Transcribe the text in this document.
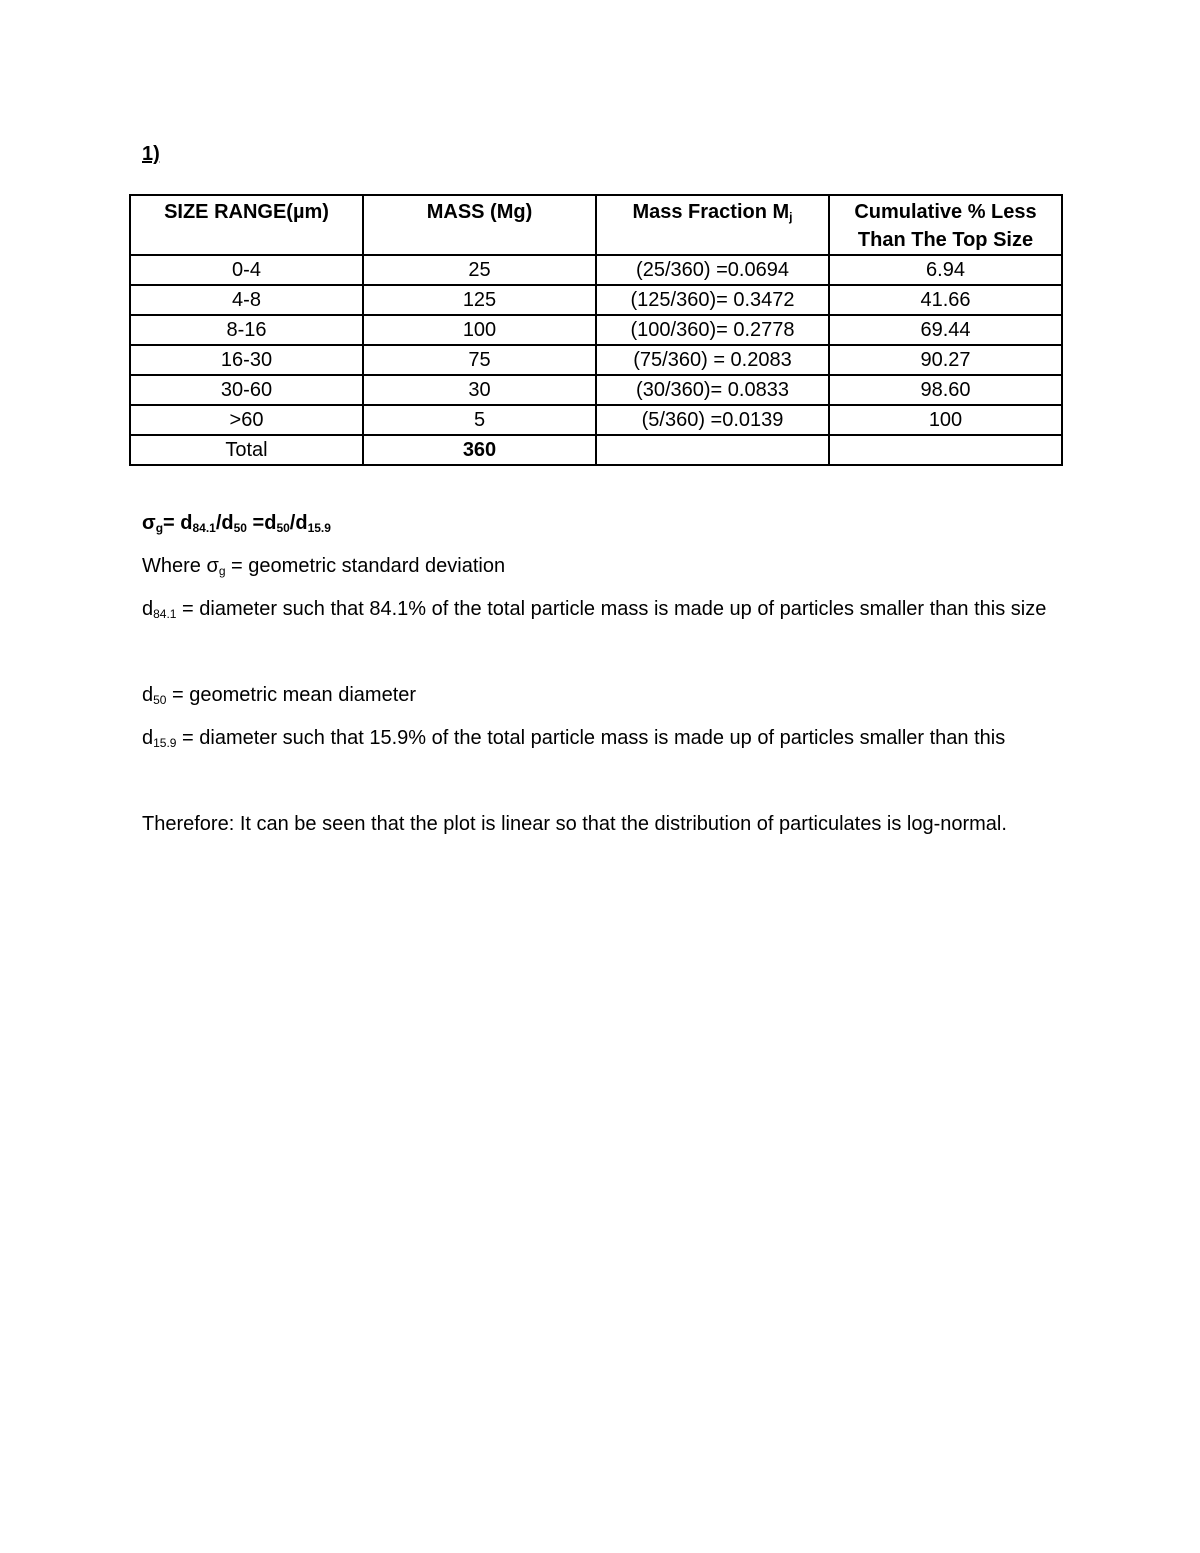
1)
SIZE RANGE(µm)	MASS (Mg)	Mass Fraction $M_j$	Cumulative % Less
Than The Top Size

0-4	25	(25/360) =0.0694	6.94
4-8	125	(125/360)= 0.3472	41.66
8-16	100	(100/360)= 0.2778	69.44
16-30	75	(75/360) = 0.2083	90.27
30-60	30	(30/360)= 0.0833	98.60
>60	5	(5/360) =0.0139	100
Total	360		
$\sigma_g= d_{84.1}/d_{50} =d_{50}/d_{15.9}$
Where $\sigma_g$ = geometric standard deviation
$d_{84.1}$ = diameter such that 84.1% of the total particle mass is made up of particles smaller than this size
$d_{50}$ = geometric mean diameter
$d_{15.9}$ = diameter such that 15.9% of the total particle mass is made up of particles smaller than this
Therefore: It can be seen that the plot is linear so that the distribution of particulates is log-normal.
